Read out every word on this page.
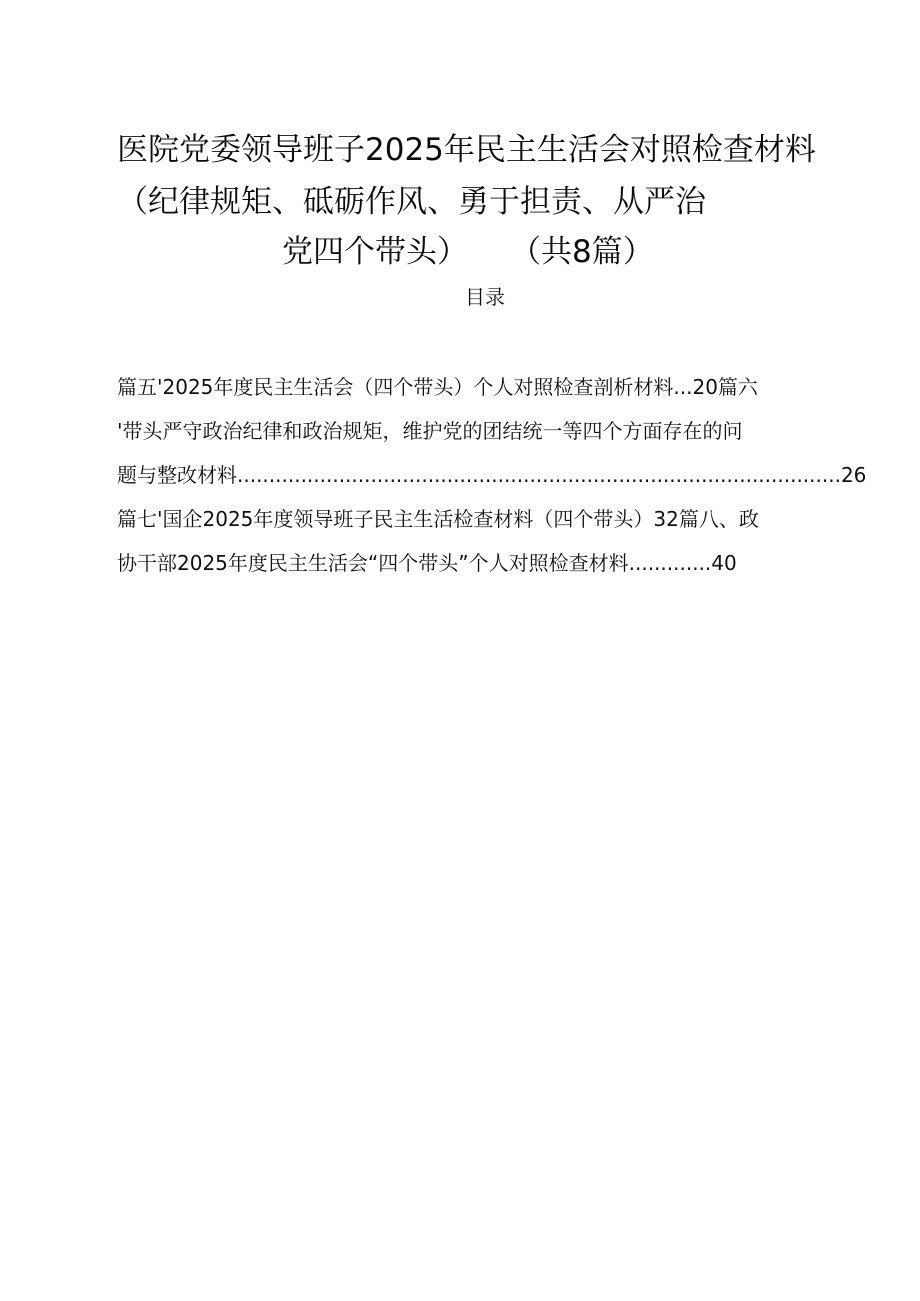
医院党委领导班子2025年民主生活会对照检查材料
（纪律规矩、砥砺作风、勇于担责、从严治
党四个带头） （共8篇）
目录
篇五'2025年度民主生活会（四个带头）个人对照检查剖析材料...20篇六
'带头严守政治纪律和政治规矩，维护党的团结统一等四个方面存在的问
题与整改材料...............................................................................................26
篇七'国企2025年度领导班子民主生活检查材料（四个带头）32篇八、政
协干部2025年度民主生活会“四个带头”个人对照检查材料.............40
